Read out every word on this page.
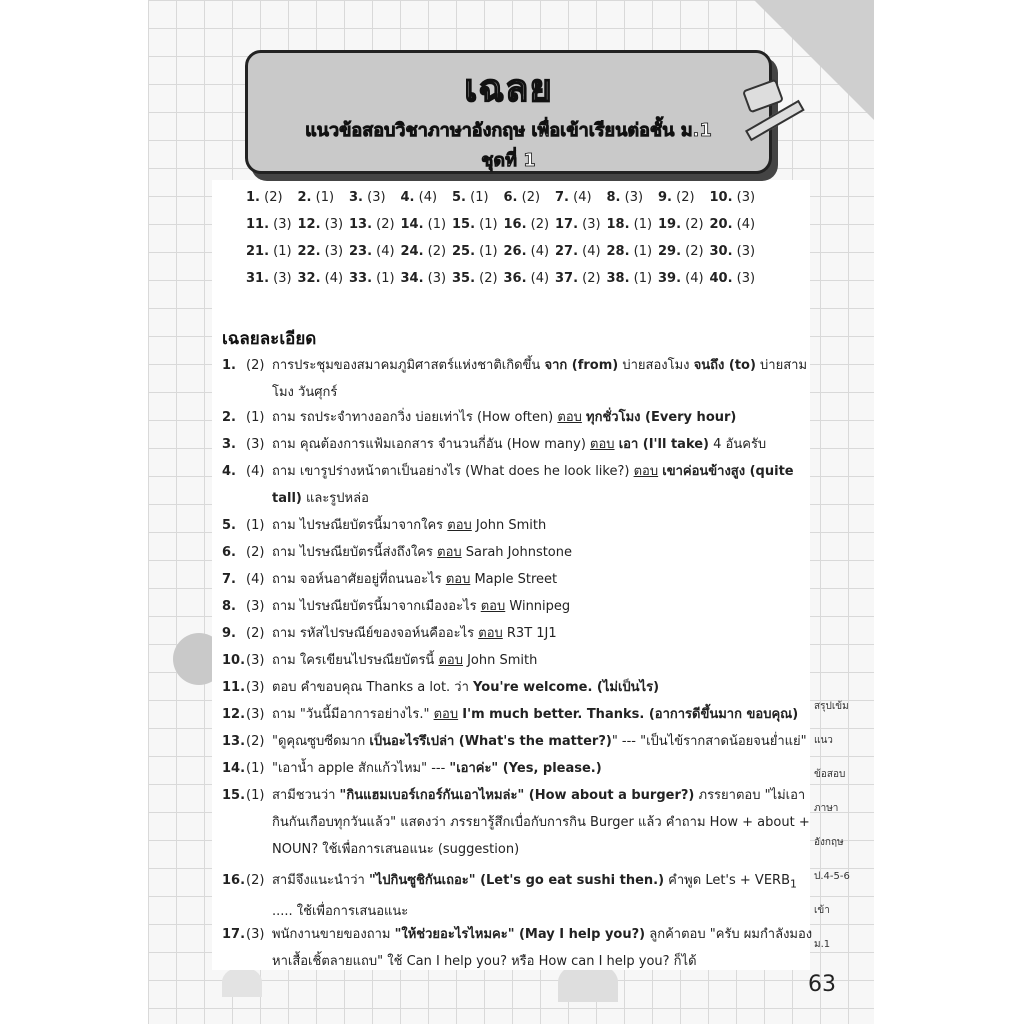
เฉลย
แนวข้อสอบวิชาภาษาอังกฤษ เพื่อเข้าเรียนต่อชั้น ม.1
ชุดที่ 1
1. (2) 2. (1) 3. (3) 4. (4) 5. (1) 6. (2) 7. (4) 8. (3) 9. (2) 10. (3)
11. (3) 12. (3) 13. (2) 14. (1) 15. (1) 16. (2) 17. (3) 18. (1) 19. (2) 20. (4)
21. (1) 22. (3) 23. (4) 24. (2) 25. (1) 26. (4) 27. (4) 28. (1) 29. (2) 30. (3)
31. (3) 32. (4) 33. (1) 34. (3) 35. (2) 36. (4) 37. (2) 38. (1) 39. (4) 40. (3)
เฉลยละเอียด
1. (2) การประชุมของสมาคมภูมิศาสตร์แห่งชาติเกิดขึ้น จาก (from) บ่ายสองโมง จนถึง (to) บ่ายสามโมง วันศุกร์
2. (1) ถาม รถประจำทางออกวิ่ง บ่อยเท่าไร (How often) ตอบ ทุกชั่วโมง (Every hour)
3. (3) ถาม คุณต้องการแฟ้มเอกสาร จำนวนกี่อัน (How many) ตอบ เอา (I'll take) 4 อันครับ
4. (4) ถาม เขารูปร่างหน้าตาเป็นอย่างไร (What does he look like?) ตอบ เขาค่อนข้างสูง (quite tall) และรูปหล่อ
5. (1) ถาม ไปรษณียบัตรนี้มาจากใคร ตอบ John Smith
6. (2) ถาม ไปรษณียบัตรนี้ส่งถึงใคร ตอบ Sarah Johnstone
7. (4) ถาม จอห์นอาศัยอยู่ที่ถนนอะไร ตอบ Maple Street
8. (3) ถาม ไปรษณียบัตรนี้มาจากเมืองอะไร ตอบ Winnipeg
9. (2) ถาม รหัสไปรษณีย์ของจอห์นคืออะไร ตอบ R3T 1J1
10. (3) ถาม ใครเขียนไปรษณียบัตรนี้ ตอบ John Smith
11. (3) ตอบ คำขอบคุณ Thanks a lot. ว่า You're welcome. (ไม่เป็นไร)
12. (3) ถาม "วันนี้มีอาการอย่างไร." ตอบ I'm much better. Thanks. (อาการดีขึ้นมาก ขอบคุณ)
13. (2) "ดูคุณซูบซีดมาก เป็นอะไรรึเปล่า (What's the matter?)" --- "เป็นไข้รากสาดน้อยจนย่ำแย่"
14. (1) "เอาน้ำ apple สักแก้วไหม" --- "เอาค่ะ" (Yes, please.)
15. (1) สามีชวนว่า "กินแฮมเบอร์เกอร์กันเอาไหมล่ะ" (How about a burger?) ภรรยาตอบ "ไม่เอา กินกันเกือบทุกวันแล้ว" แสดงว่า ภรรยารู้สึกเบื่อกับการกิน Burger แล้ว คำถาม How + about + NOUN? ใช้เพื่อการเสนอแนะ (suggestion)
16. (2) สามีจึงแนะนำว่า "ไปกินซูชิกันเถอะ" (Let's go eat sushi then.) คำพูด $Let's + VERB_1$ ..... ใช้เพื่อการเสนอแนะ
17. (3) พนักงานขายของถาม "ให้ช่วยอะไรไหมคะ" (May I help you?) ลูกค้าตอบ "ครับ ผมกำลังมอง หาเสื้อเชิ้ตลายแถบ" ใช้ Can I help you? หรือ How can I help you? ก็ได้
สรุปเข้ม
แนว
ข้อสอบ
ภาษา
อังกฤษ
ป.4-5-6
เข้า
ม.1
63
